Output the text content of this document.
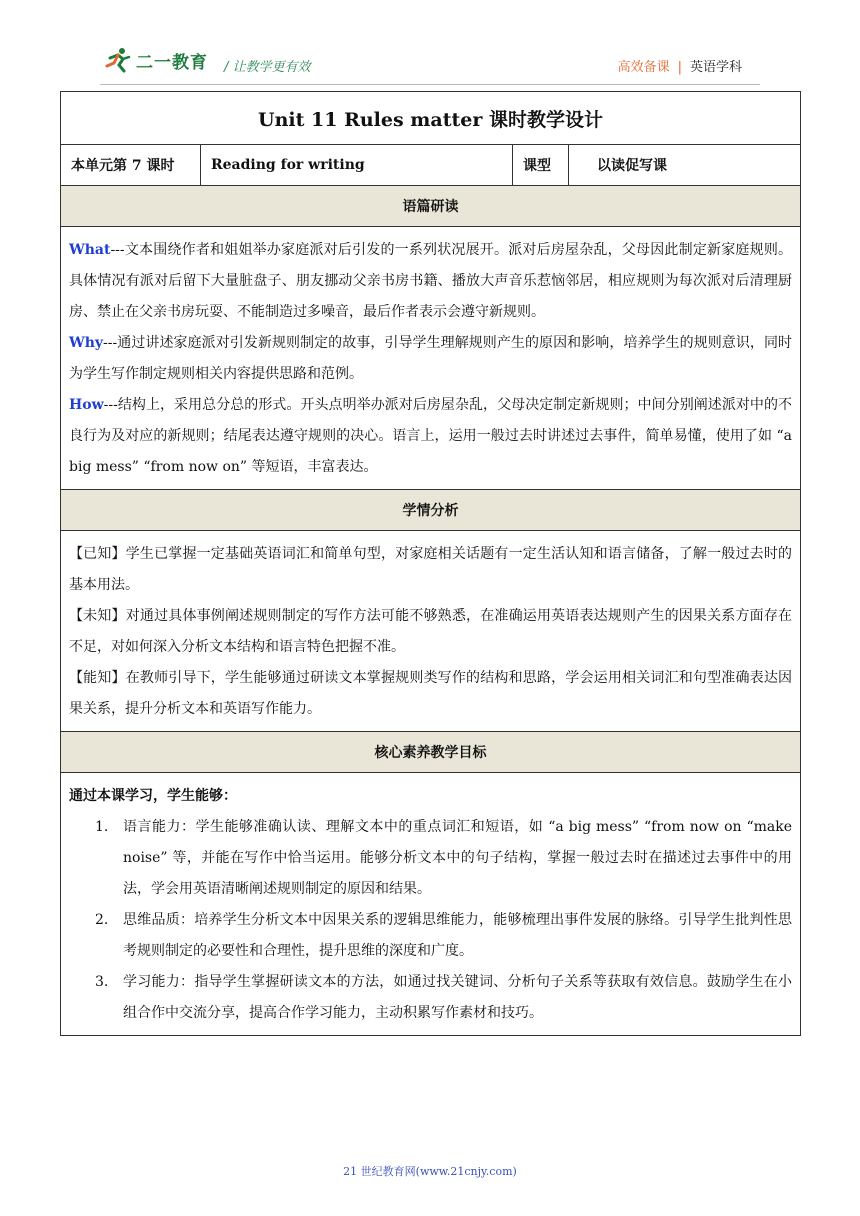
二一教育 / 让教学更有效	高效备课 | 英语学科
Unit 11 Rules matter 课时教学设计
本单元第 7 课时	Reading for writing	课型	以读促写课
语篇研读

What---文本围绕作者和姐姐举办家庭派对后引发的一系列状况展开。派对后房屋杂乱，父母因此制定新家庭规则。具体情况有派对后留下大量脏盘子、朋友挪动父亲书房书籍、播放大声音乐惹恼邻居，相应规则为每次派对后清理厨房、禁止在父亲书房玩耍、不能制造过多噪音，最后作者表示会遵守新规则。

Why---通过讲述家庭派对引发新规则制定的故事，引导学生理解规则产生的原因和影响，培养学生的规则意识，同时为学生写作制定规则相关内容提供思路和范例。

How---结构上，采用总分总的形式。开头点明举办派对后房屋杂乱，父母决定制定新规则；中间分别阐述派对中的不良行为及对应的新规则；结尾表达遵守规则的决心。语言上，运用一般过去时讲述过去事件，简单易懂，使用了如 “a big mess” “from now on” 等短语，丰富表达。

学情分析

【已知】学生已掌握一定基础英语词汇和简单句型，对家庭相关话题有一定生活认知和语言储备，了解一般过去时的基本用法。

【未知】对通过具体事例阐述规则制定的写作方法可能不够熟悉，在准确运用英语表达规则产生的因果关系方面存在不足，对如何深入分析文本结构和语言特色把握不准。

【能知】在教师引导下，学生能够通过研读文本掌握规则类写作的结构和思路，学会运用相关词汇和句型准确表达因果关系，提升分析文本和英语写作能力。

核心素养教学目标

通过本课学习，学生能够：

1. 语言能力：学生能够准确认读、理解文本中的重点词汇和短语，如 “a big mess” “from now on “make noise” 等，并能在写作中恰当运用。能够分析文本中的句子结构，掌握一般过去时在描述过去事件中的用法，学会用英语清晰阐述规则制定的原因和结果。
2. 思维品质：培养学生分析文本中因果关系的逻辑思维能力，能够梳理出事件发展的脉络。引导学生批判性思考规则制定的必要性和合理性，提升思维的深度和广度。
3. 学习能力：指导学生掌握研读文本的方法，如通过找关键词、分析句子关系等获取有效信息。鼓励学生在小组合作中交流分享，提高合作学习能力，主动积累写作素材和技巧。
21 世纪教育网(www.21cnjy.com)
